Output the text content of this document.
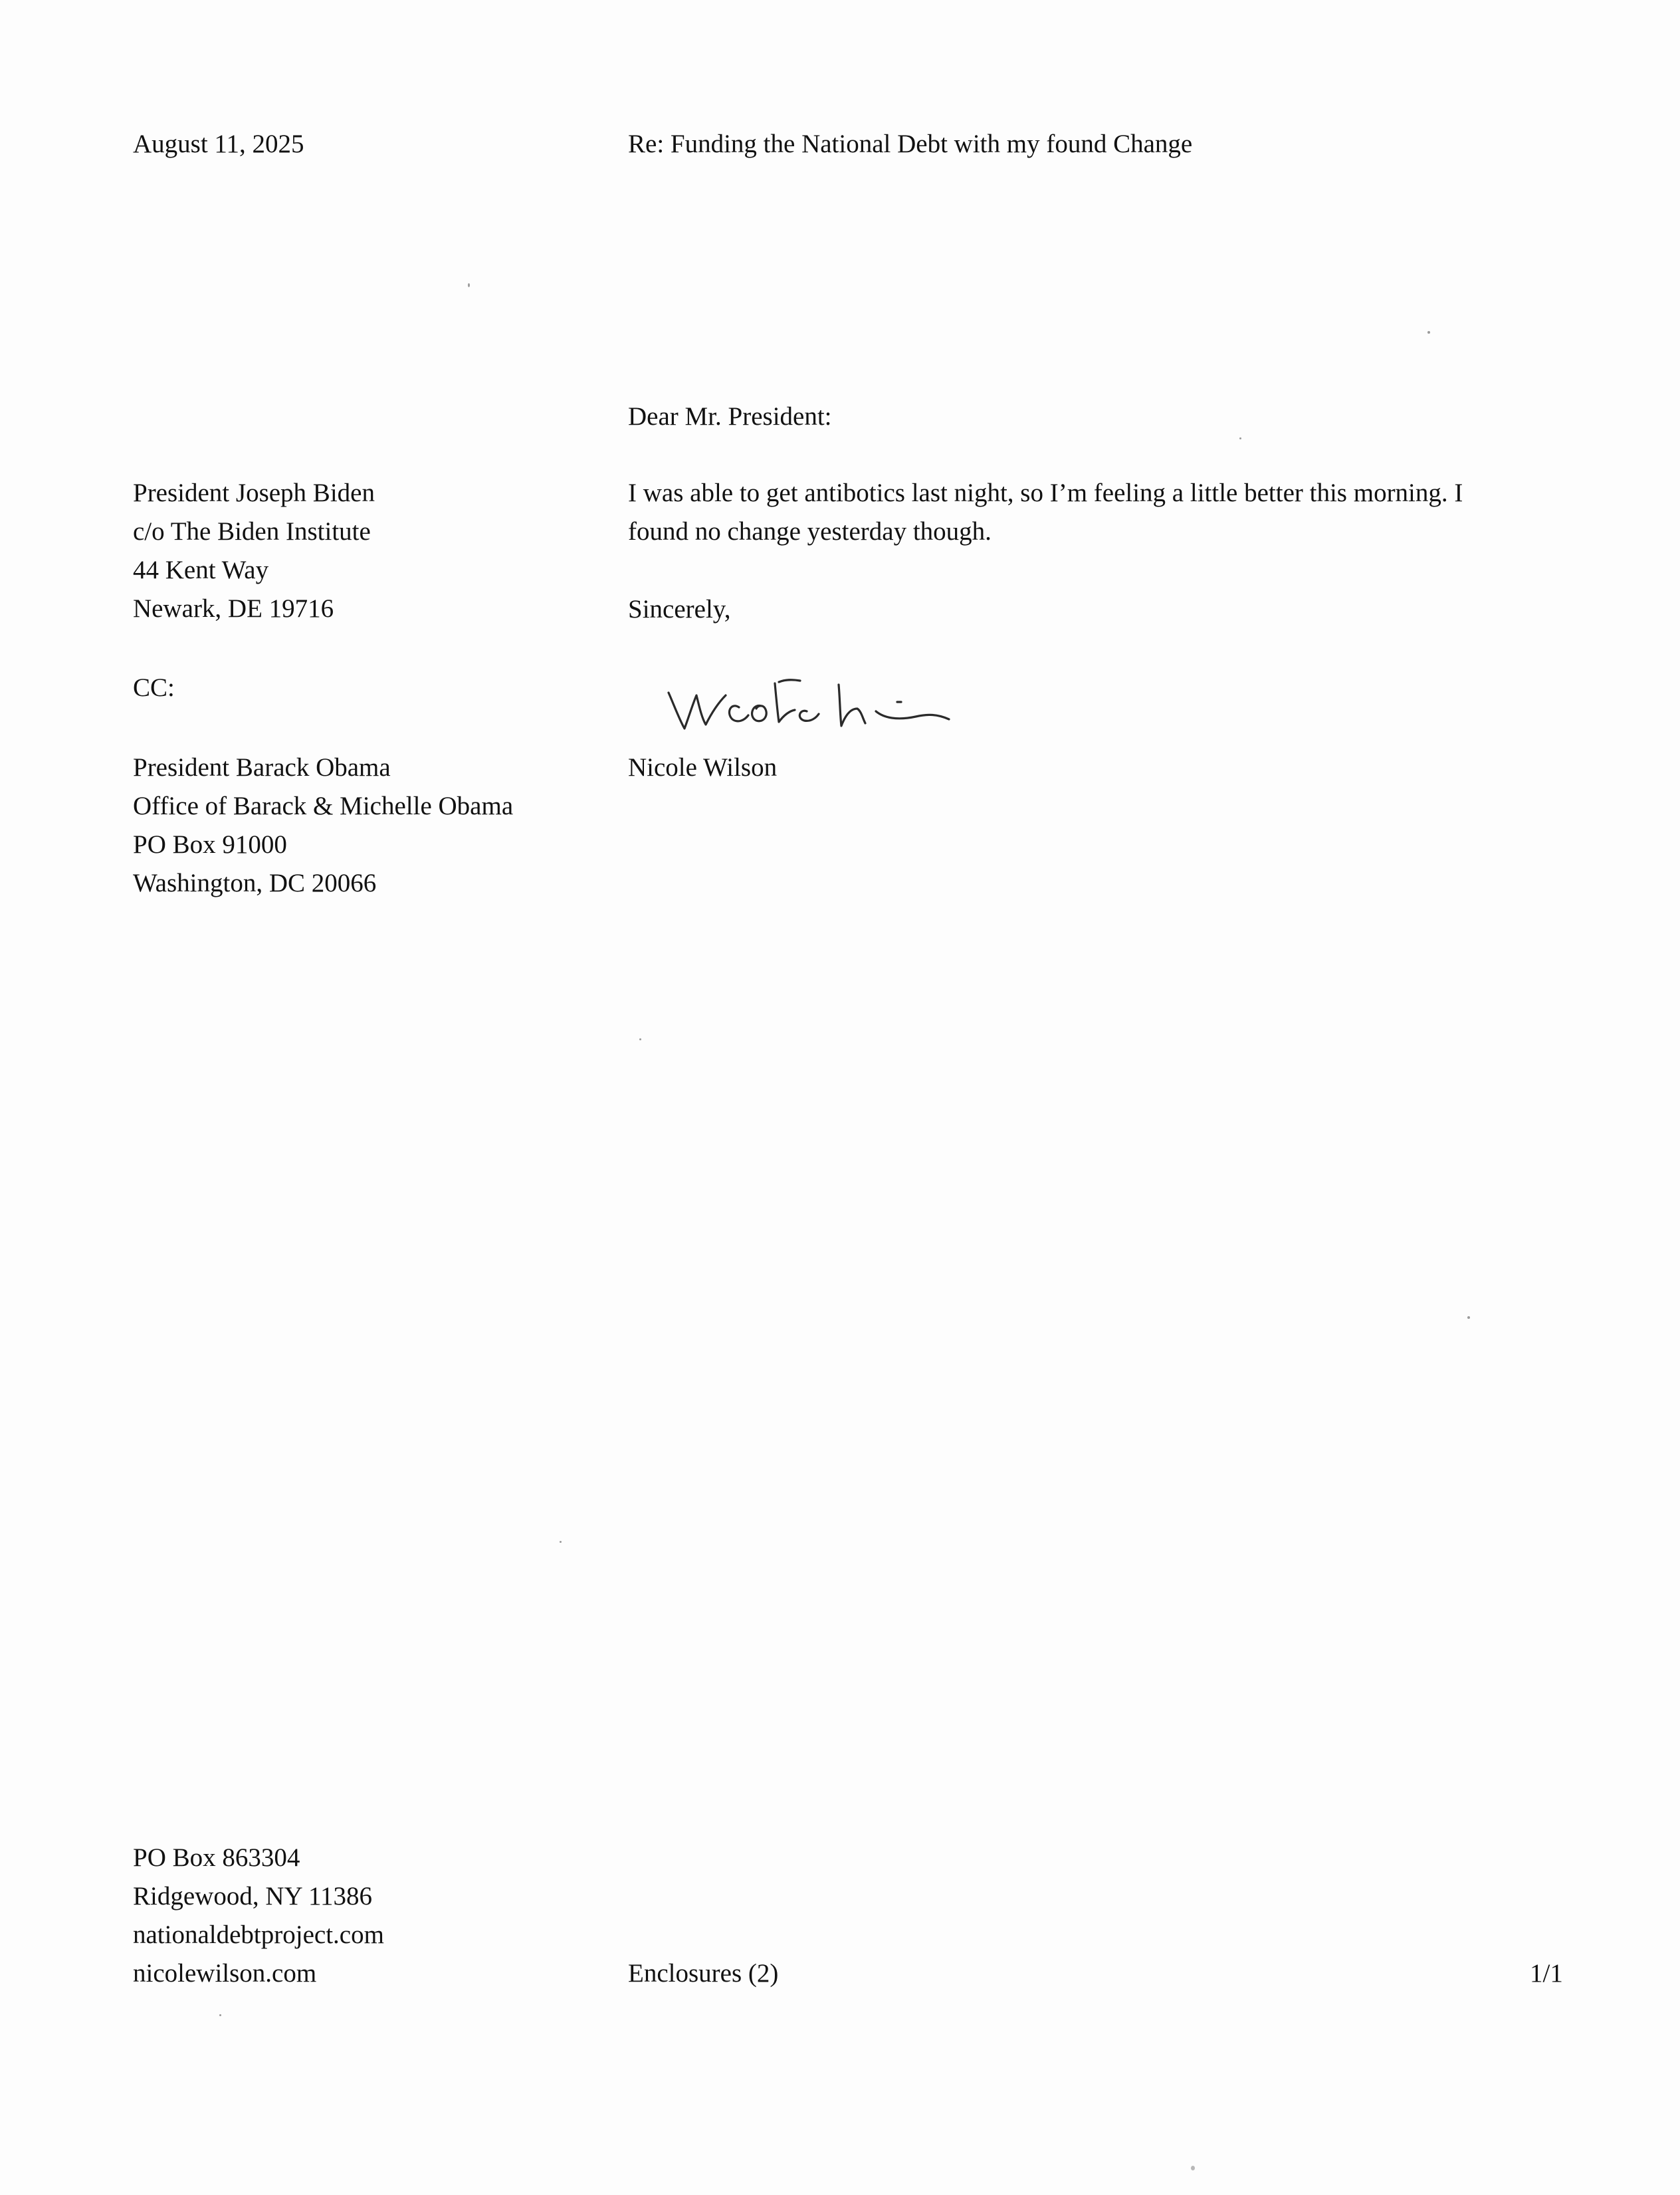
August 11, 2025	Re: Funding the National Debt with my found Change

Dear Mr. President:

President Joseph Biden
c/o The Biden Institute
44 Kent Way
Newark, DE 19716
I was able to get antibotics last night, so I’m feeling a little better this morning. I
found no change yesterday though.

Sincerely,

CC:

Nicole Wilson

President Barack Obama
Office of Barack & Michelle Obama
PO Box 91000
Washington, DC 20066
PO Box 863304
Ridgewood, NY 11386
nationaldebtproject.com
nicolewilson.com	Enclosures (2)	1/1
